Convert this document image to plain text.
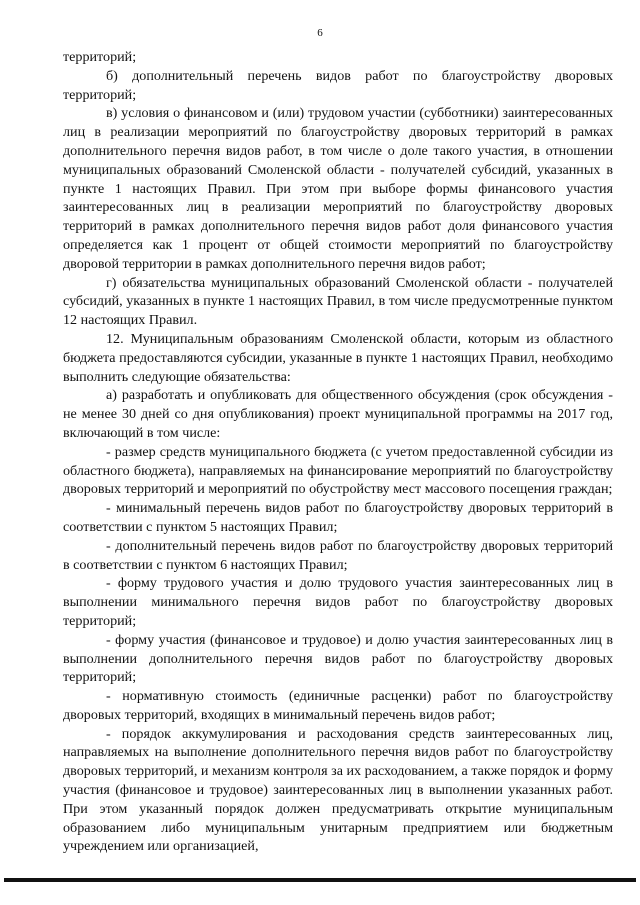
6

территорий;

б) дополнительный перечень видов работ по благоустройству дворовых территорий;

в) условия о финансовом и (или) трудовом участии (субботники) заинтересованных лиц в реализации мероприятий по благоустройству дворовых территорий в рамках дополнительного перечня видов работ, в том числе о доле такого участия, в отношении муниципальных образований Смоленской области - получателей субсидий, указанных в пункте 1 настоящих Правил. При этом при выборе формы финансового участия заинтересованных лиц в реализации мероприятий по благоустройству дворовых территорий в рамках дополнительного перечня видов работ доля финансового участия определяется как 1 процент от общей стоимости мероприятий по благоустройству дворовой территории в рамках дополнительного перечня видов работ;

г) обязательства муниципальных образований Смоленской области - получателей субсидий, указанных в пункте 1 настоящих Правил, в том числе предусмотренные пунктом 12 настоящих Правил.

12. Муниципальным образованиям Смоленской области, которым из областного бюджета предоставляются субсидии, указанные в пункте 1 настоящих Правил, необходимо выполнить следующие обязательства:

а) разработать и опубликовать для общественного обсуждения (срок обсуждения - не менее 30 дней со дня опубликования) проект муниципальной программы на 2017 год, включающий в том числе:

- размер средств муниципального бюджета (с учетом предоставленной субсидии из областного бюджета), направляемых на финансирование мероприятий по благоустройству дворовых территорий и мероприятий по обустройству мест массового посещения граждан;

- минимальный перечень видов работ по благоустройству дворовых территорий в соответствии с пунктом 5 настоящих Правил;

- дополнительный перечень видов работ по благоустройству дворовых территорий в соответствии с пунктом 6 настоящих Правил;

- форму трудового участия и долю трудового участия заинтересованных лиц в выполнении минимального перечня видов работ по благоустройству дворовых территорий;

- форму участия (финансовое и трудовое) и долю участия заинтересованных лиц в выполнении дополнительного перечня видов работ по благоустройству дворовых территорий;

- нормативную стоимость (единичные расценки) работ по благоустройству дворовых территорий, входящих в минимальный перечень видов работ;

- порядок аккумулирования и расходования средств заинтересованных лиц, направляемых на выполнение дополнительного перечня видов работ по благоустройству дворовых территорий, и механизм контроля за их расходованием, а также порядок и форму участия (финансовое и трудовое) заинтересованных лиц в выполнении указанных работ. При этом указанный порядок должен предусматривать открытие муниципальным образованием либо муниципальным унитарным предприятием или бюджетным учреждением или организацией,
